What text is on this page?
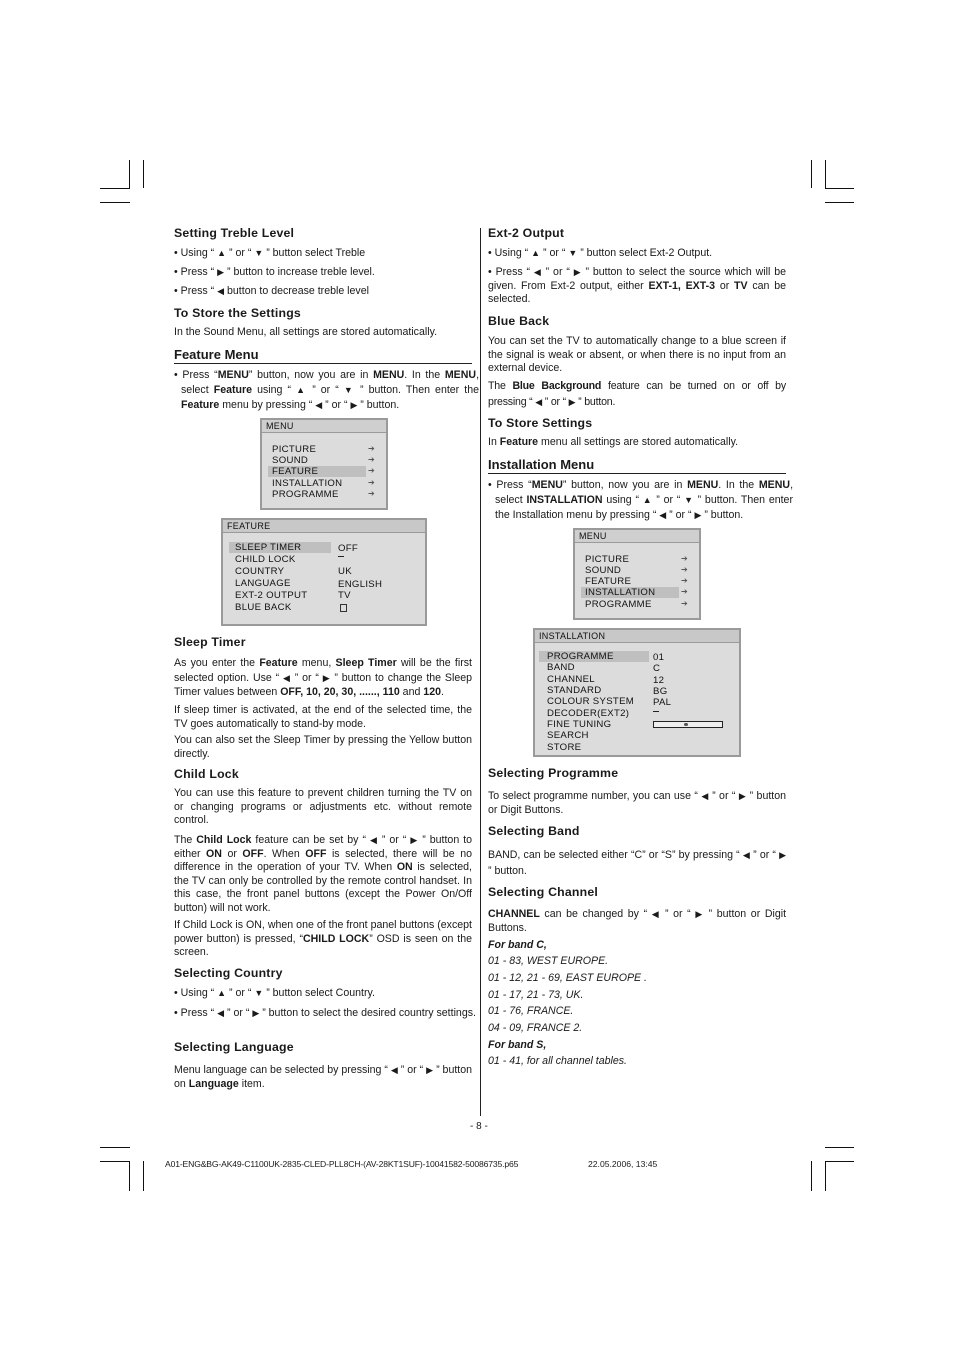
Setting Treble Level
• Using “ ▲ ” or “ ▼ ” button select Treble
• Press “ ▶ ” button to increase treble level.
• Press “ ◀ button to decrease treble level
To Store the Settings
In the Sound Menu, all settings are stored automatically.
Feature Menu
• Press “MENU” button, now you are in MENU. In the MENU, select Feature using “ ▲ ” or “ ▼ ” button. Then enter the Feature menu by pressing “ ◀ ” or “ ▶ ” button.
Sleep Timer
As you enter the Feature menu, Sleep Timer will be the first selected option. Use “ ◀ ” or “ ▶ ” button to change the Sleep Timer values between OFF, 10, 20, 30, ......, 110 and 120.
If sleep timer is activated, at the end of the selected time, the TV goes automatically to stand-by mode.
You can also set the Sleep Timer by pressing the Yellow button directly.
Child Lock
You can use this feature to prevent children turning the TV on or changing programs or adjustments etc. without remote control.
The Child Lock feature can be set by “ ◀ ” or “ ▶ ” button to either ON or OFF. When OFF is selected, there will be no difference in the operation of your TV. When ON is selected, the TV can only be controlled by the remote control handset. In this case, the front panel buttons (except the Power On/Off button) will not work.
If Child Lock is ON, when one of the front panel buttons (except power button) is pressed, “CHILD LOCK” OSD is seen on the screen.
Selecting Country
• Using “ ▲ ” or “ ▼ ” button select Country.
• Press “ ◀ ” or “ ▶ ” button to select the desired country settings.
Selecting Language
Menu language can be selected by pressing “ ◀ ” or “ ▶ ” button on Language item.
MENU
PICTURE
SOUND
FEATURE
INSTALLATION
PROGRAMME
➔
➔
➔
➔
➔
FEATURE
SLEEP TIMER
CHILD LOCK
COUNTRY
LANGUAGE
EXT-2 OUTPUT
BLUE BACK
OFF
UK
ENGLISH
TV
Ext-2 Output
• Using “ ▲ ” or “ ▼ ” button select Ext-2 Output.
• Press “ ◀ ” or “ ▶ ” button to select the source which will be given. From Ext-2 output, either EXT-1, EXT-3 or TV can be selected.
Blue Back
You can set the TV to automatically change to a blue screen if the signal is weak or absent, or when there is no input from an external device.
The Blue Background feature can be turned on or off by pressing “ ◀ ” or “ ▶ ” button.
To Store Settings
In Feature menu all settings are stored automatically.
Installation Menu
• Press “MENU” button, now you are in MENU. In the MENU, select INSTALLATION using “ ▲ ” or “ ▼ ” button. Then enter the Installation menu by pressing “ ◀ ” or “ ▶ ” button.
Selecting Programme
To select programme number, you can use “ ◀ ” or “ ▶ ” button or Digit Buttons.
Selecting Band
BAND, can be selected either “C” or “S” by pressing “ ◀ ” or “ ▶ ” button.
Selecting Channel
CHANNEL can be changed by “ ◀ ” or “ ▶ ” button or Digit Buttons.
For band C,
01 - 83, WEST EUROPE.
01 - 12, 21 - 69, EAST EUROPE .
01 - 17, 21 - 73, UK.
01 - 76, FRANCE.
04 - 09, FRANCE 2.
For band S,
01 - 41, for all channel tables.
MENU
PICTURE
SOUND
FEATURE
INSTALLATION
PROGRAMME
➔
➔
➔
➔
➔
INSTALLATION
PROGRAMME
BAND
CHANNEL
STANDARD
COLOUR SYSTEM
DECODER(EXT2)
FINE TUNING
SEARCH
STORE
01
C
12
BG
PAL
- 8 -
A01-ENG&BG-AK49-C1100UK-2835-CLED-PLL8CH-(AV-28KT1SUF)-10041582-50086735.p65	22.05.2006, 13:45
